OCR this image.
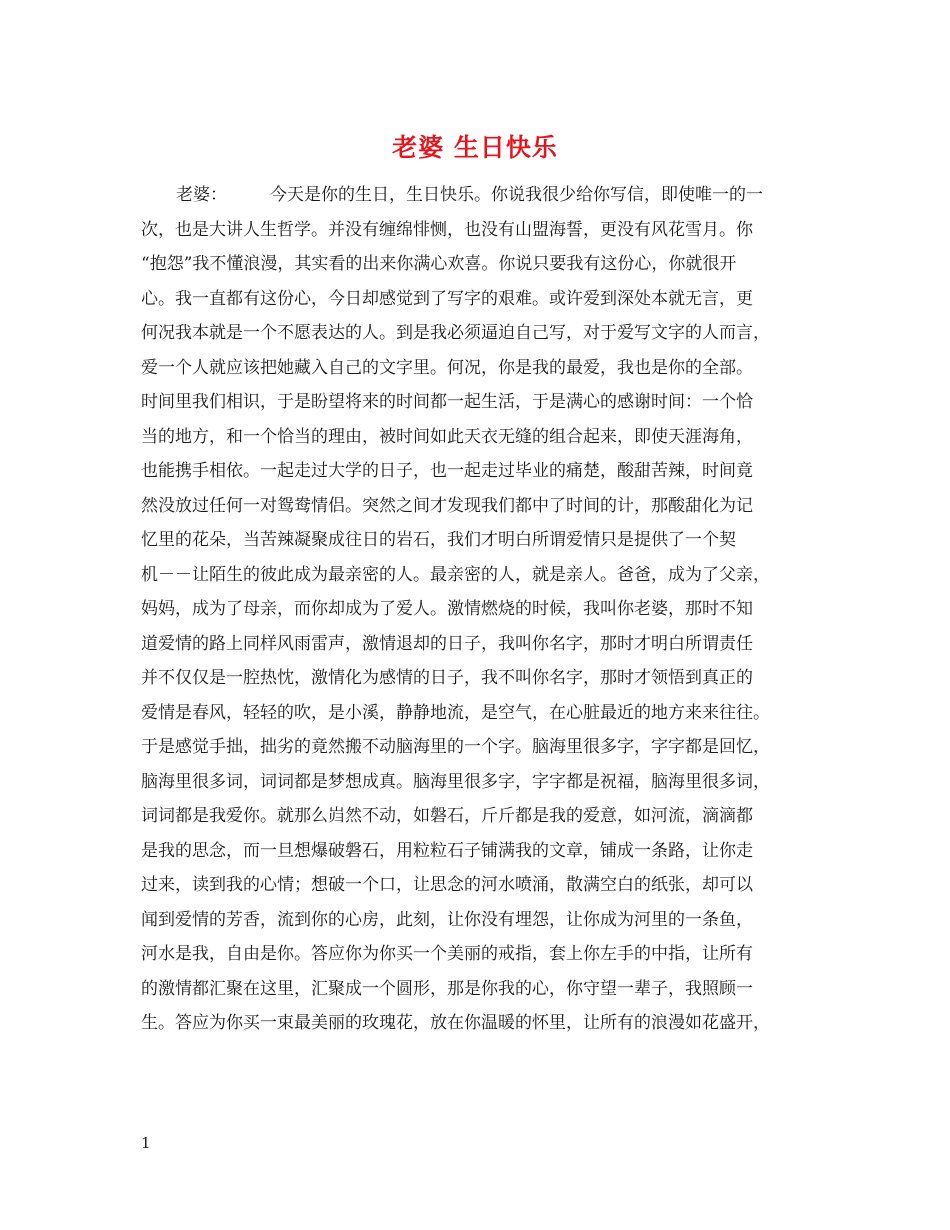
老婆 生日快乐
老婆：	今天是你的生日，生日快乐。你说我很少给你写信，即使唯一的一
次，也是大讲人生哲学。并没有缠绵悱恻，也没有山盟海誓，更没有风花雪月。你
“抱怨”我不懂浪漫，其实看的出来你满心欢喜。你说只要我有这份心，你就很开
心。我一直都有这份心，今日却感觉到了写字的艰难。或许爱到深处本就无言，更
何况我本就是一个不愿表达的人。到是我必须逼迫自己写，对于爱写文字的人而言，
爱一个人就应该把她藏入自己的文字里。何况，你是我的最爱，我也是你的全部。
时间里我们相识，于是盼望将来的时间都一起生活，于是满心的感谢时间：一个恰
当的地方，和一个恰当的理由，被时间如此天衣无缝的组合起来，即使天涯海角，
也能携手相依。一起走过大学的日子，也一起走过毕业的痛楚，酸甜苦辣，时间竟
然没放过任何一对鸳鸯情侣。突然之间才发现我们都中了时间的计，那酸甜化为记
忆里的花朵，当苦辣凝聚成往日的岩石，我们才明白所谓爱情只是提供了一个契
机－－让陌生的彼此成为最亲密的人。最亲密的人，就是亲人。爸爸，成为了父亲，
妈妈，成为了母亲，而你却成为了爱人。激情燃烧的时候，我叫你老婆，那时不知
道爱情的路上同样风雨雷声，激情退却的日子，我叫你名字，那时才明白所谓责任
并不仅仅是一腔热忱，激情化为感情的日子，我不叫你名字，那时才领悟到真正的
爱情是春风，轻轻的吹，是小溪，静静地流，是空气，在心脏最近的地方来来往往。
于是感觉手拙，拙劣的竟然搬不动脑海里的一个字。脑海里很多字，字字都是回忆，
脑海里很多词，词词都是梦想成真。脑海里很多字，字字都是祝福，脑海里很多词，
词词都是我爱你。就那么岿然不动，如磐石，斤斤都是我的爱意，如河流，滴滴都
是我的思念，而一旦想爆破磐石，用粒粒石子铺满我的文章，铺成一条路，让你走
过来，读到我的心情；想破一个口，让思念的河水喷涌，散满空白的纸张，却可以
闻到爱情的芳香，流到你的心房，此刻，让你没有埋怨，让你成为河里的一条鱼，
河水是我，自由是你。答应你为你买一个美丽的戒指，套上你左手的中指，让所有
的激情都汇聚在这里，汇聚成一个圆形，那是你我的心，你守望一辈子，我照顾一
生。答应为你买一束最美丽的玫瑰花，放在你温暖的怀里，让所有的浪漫如花盛开，
1
